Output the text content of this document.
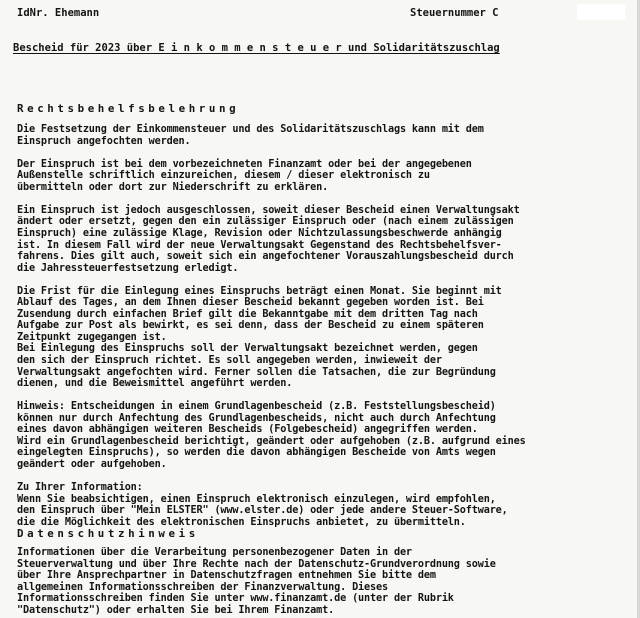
IdNr. Ehemann	Steuernummer C
Bescheid für 2023 über E i n k o m m e n s t e u e r und Solidaritätszuschlag
Rechtsbehelfsbelehrung
Die Festsetzung der Einkommensteuer und des Solidaritätszuschlags kann mit dem
Einspruch angefochten werden.
Der Einspruch ist bei dem vorbezeichneten Finanzamt oder bei der angegebenen
Außenstelle schriftlich einzureichen, diesem / dieser elektronisch zu
übermitteln oder dort zur Niederschrift zu erklären.
Ein Einspruch ist jedoch ausgeschlossen, soweit dieser Bescheid einen Verwaltungsakt
ändert oder ersetzt, gegen den ein zulässiger Einspruch oder (nach einem zulässigen
Einspruch) eine zulässige Klage, Revision oder Nichtzulassungsbeschwerde anhängig
ist. In diesem Fall wird der neue Verwaltungsakt Gegenstand des Rechtsbehelfsver-
fahrens. Dies gilt auch, soweit sich ein angefochtener Vorauszahlungsbescheid durch
die Jahressteuerfestsetzung erledigt.
Die Frist für die Einlegung eines Einspruchs beträgt einen Monat. Sie beginnt mit
Ablauf des Tages, an dem Ihnen dieser Bescheid bekannt gegeben worden ist. Bei
Zusendung durch einfachen Brief gilt die Bekanntgabe mit dem dritten Tag nach
Aufgabe zur Post als bewirkt, es sei denn, dass der Bescheid zu einem späteren
Zeitpunkt zugegangen ist.
Bei Einlegung des Einspruchs soll der Verwaltungsakt bezeichnet werden, gegen
den sich der Einspruch richtet. Es soll angegeben werden, inwieweit der
Verwaltungsakt angefochten wird. Ferner sollen die Tatsachen, die zur Begründung
dienen, und die Beweismittel angeführt werden.
Hinweis: Entscheidungen in einem Grundlagenbescheid (z.B. Feststellungsbescheid)
können nur durch Anfechtung des Grundlagenbescheids, nicht auch durch Anfechtung
eines davon abhängigen weiteren Bescheids (Folgebescheid) angegriffen werden.
Wird ein Grundlagenbescheid berichtigt, geändert oder aufgehoben (z.B. aufgrund eines
eingelegten Einspruchs), so werden die davon abhängigen Bescheide von Amts wegen
geändert oder aufgehoben.
Zu Ihrer Information:
Wenn Sie beabsichtigen, einen Einspruch elektronisch einzulegen, wird empfohlen,
den Einspruch über "Mein ELSTER" (www.elster.de) oder jede andere Steuer-Software,
die die Möglichkeit des elektronischen Einspruchs anbietet, zu übermitteln.
Datenschutzhinweis
Informationen über die Verarbeitung personenbezogener Daten in der
Steuerverwaltung und über Ihre Rechte nach der Datenschutz-Grundverordnung sowie
über Ihre Ansprechpartner in Datenschutzfragen entnehmen Sie bitte dem
allgemeinen Informationsschreiben der Finanzverwaltung. Dieses
Informationsschreiben finden Sie unter www.finanzamt.de (unter der Rubrik
"Datenschutz") oder erhalten Sie bei Ihrem Finanzamt.
